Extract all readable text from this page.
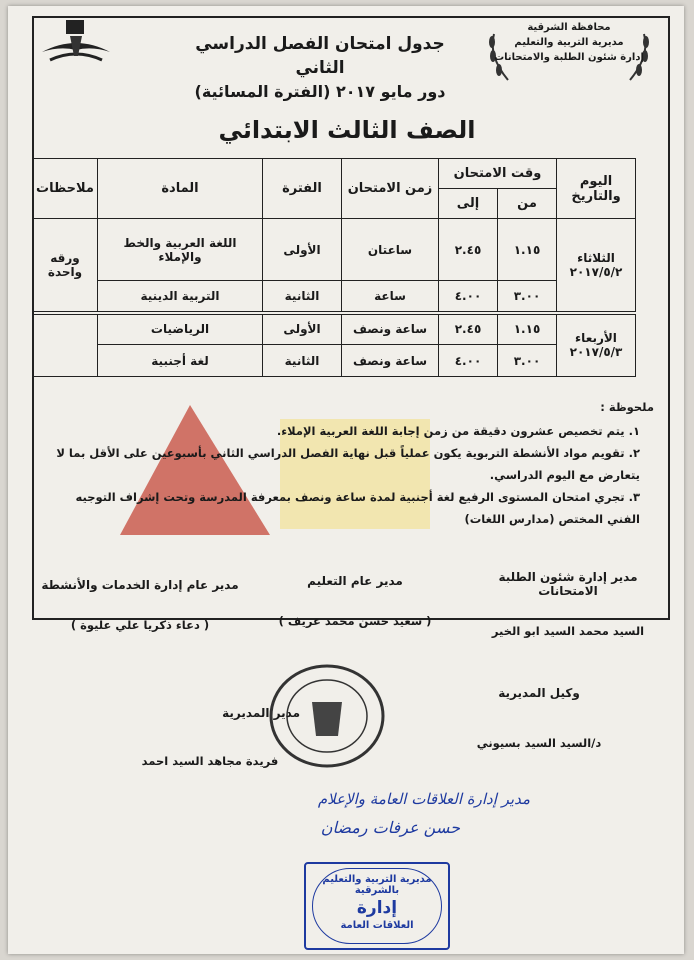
محافظة الشرقية
مديرية التربية والتعليم
إدارة شئون الطلبة والامتحانات
جدول امتحان الفصل الدراسي الثاني
دور مايو ٢٠١٧ (الفترة المسائية)
الصف الثالث الابتدائي
اليوم والتاريخ	وقت الامتحان		زمن الامتحان	الفترة	المادة	ملاحظات
	من	إلى				

الثلاثاء
٢٠١٧/٥/٢	١.١٥	٢.٤٥	ساعتان	الأولى	اللغة العربية والخط والإملاء	ورقه واحدة
	٣.٠٠	٤.٠٠	ساعة	الثانية	التربية الدينية	

الأربعاء
٢٠١٧/٥/٣	١.١٥	٢.٤٥	ساعة ونصف	الأولى	الرياضيات	
	٣.٠٠	٤.٠٠	ساعة ونصف	الثانية	لغة أجنبية	
ملحوظة :
١. يتم تخصيص عشرون دقيقة من زمن إجابة اللغة العربية الإملاء.
٢. تقويم مواد الأنشطة التربوية يكون عملياً قبل نهاية الفصل الدراسي الثاني بأسبوعين على الأقل بما لا يتعارض مع اليوم الدراسي.
٣. تجري امتحان المستوى الرفيع لغة أجنبية لمدة ساعة ونصف بمعرفة المدرسة وتحت إشراف التوجيه الفني المختص (مدارس اللغات)
مدير إدارة شئون الطلبة الامتحانات
السيد محمد السيد ابو الخير
مدير عام التعليم
( سعيد حسن محمد عريف )
مدير عام إدارة الخدمات والأنشطة
( دعاء ذكريا علي عليوة )
وكيل المديرية
د/السيد السيد بسيوني
مدير المديرية
فريدة مجاهد السيد احمد
مدير إدارة العلاقات العامة والإعلام
حسن عرفات رمضان
مديرية التربية والتعليم بالشرقية
إدارة
العلاقات العامة
